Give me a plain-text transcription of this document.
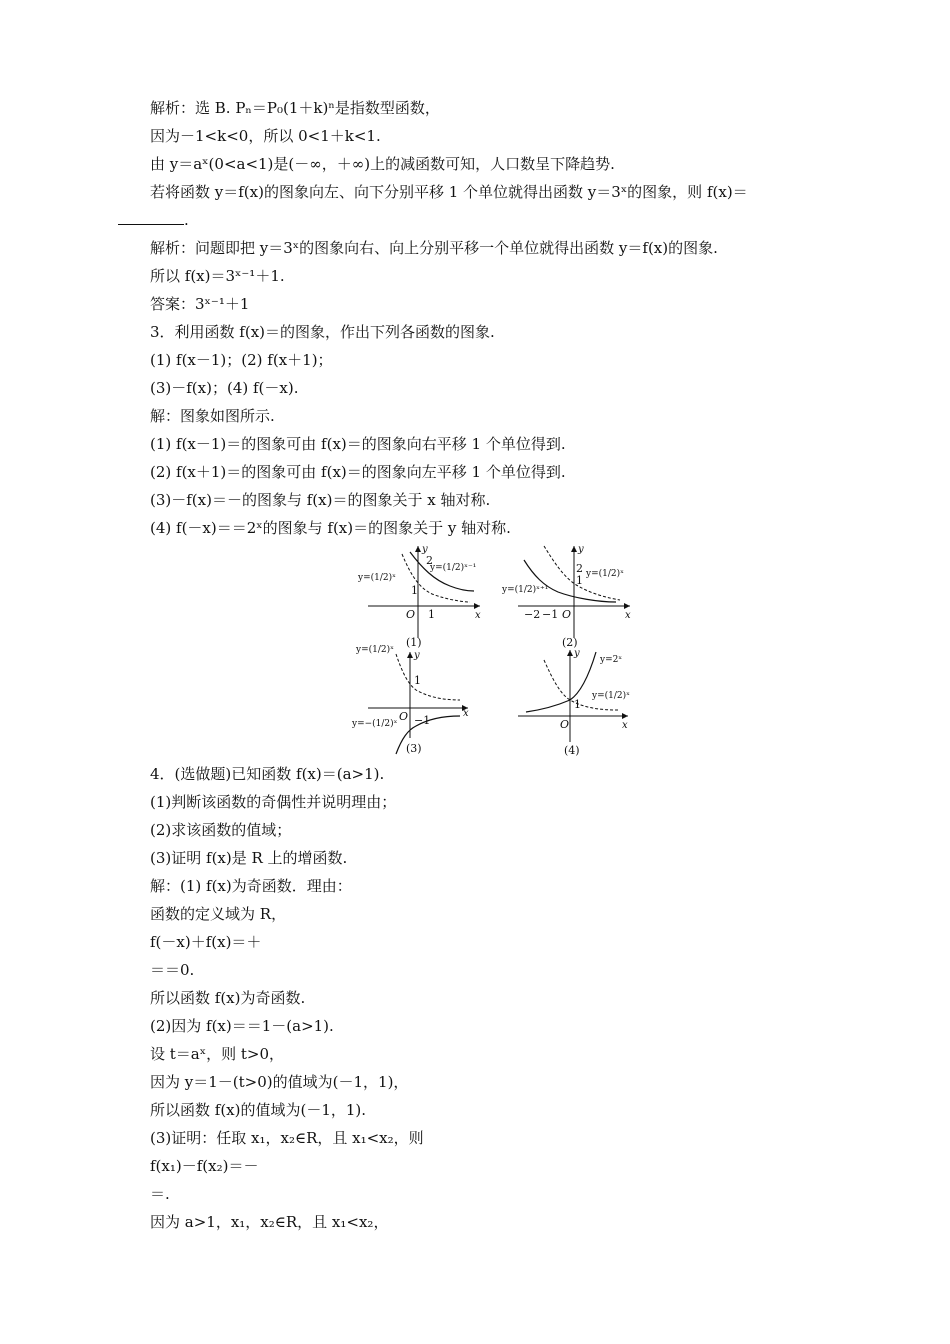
解析：选 B. Pₙ＝P₀(1＋k)ⁿ是指数型函数，
因为－1<k<0，所以 0<1＋k<1.
由 y＝aˣ(0<a<1)是(－∞，＋∞)上的减函数可知，人口数呈下降趋势.
若将函数 y＝f(x)的图象向左、向下分别平移 1 个单位就得出函数 y＝3ˣ的图象，则 f(x)＝
.
解析：问题即把 y＝3ˣ的图象向右、向上分别平移一个单位就得出函数 y＝f(x)的图象.
所以 f(x)＝3ˣ⁻¹＋1.
答案：3ˣ⁻¹＋1
3．利用函数 f(x)＝的图象，作出下列各函数的图象.
(1) f(x－1)；(2) f(x＋1)；
(3)－f(x)；(4) f(－x).
解：图象如图所示.
(1) f(x－1)＝的图象可由 f(x)＝的图象向右平移 1 个单位得到.
(2) f(x＋1)＝的图象可由 f(x)＝的图象向左平移 1 个单位得到.
(3)－f(x)＝－的图象与 f(x)＝的图象关于 x 轴对称.
(4) f(－x)＝＝2ˣ的图象与 f(x)＝的图象关于 y 轴对称.
2
1
O 1	x
y
y=(1/2)ˣ
y=(1/2)ˣ⁻¹
(1)
2
1
−2 −1 O	x
y
y=(1/2)ˣ⁺¹
y=(1/2)ˣ
(2)
1
O −1
x
y
y=(1/2)ˣ
y=−(1/2)ˣ
(3)
1
O	x
y
y=2ˣ
y=(1/2)ˣ
(4)
4．(选做题)已知函数 f(x)＝(a>1).
(1)判断该函数的奇偶性并说明理由；
(2)求该函数的值域；
(3)证明 f(x)是 R 上的增函数.
解：(1) f(x)为奇函数．理由：
函数的定义域为 R，
f(－x)＋f(x)＝＋
＝＝0.
所以函数 f(x)为奇函数.
(2)因为 f(x)＝＝1－(a>1).
设 t＝aˣ，则 t>0，
因为 y＝1－(t>0)的值域为(－1，1)，
所以函数 f(x)的值域为(－1，1).
(3)证明：任取 x₁，x₂∈R，且 x₁<x₂，则
f(x₁)－f(x₂)＝－
＝.
因为 a>1，x₁，x₂∈R，且 x₁<x₂，
